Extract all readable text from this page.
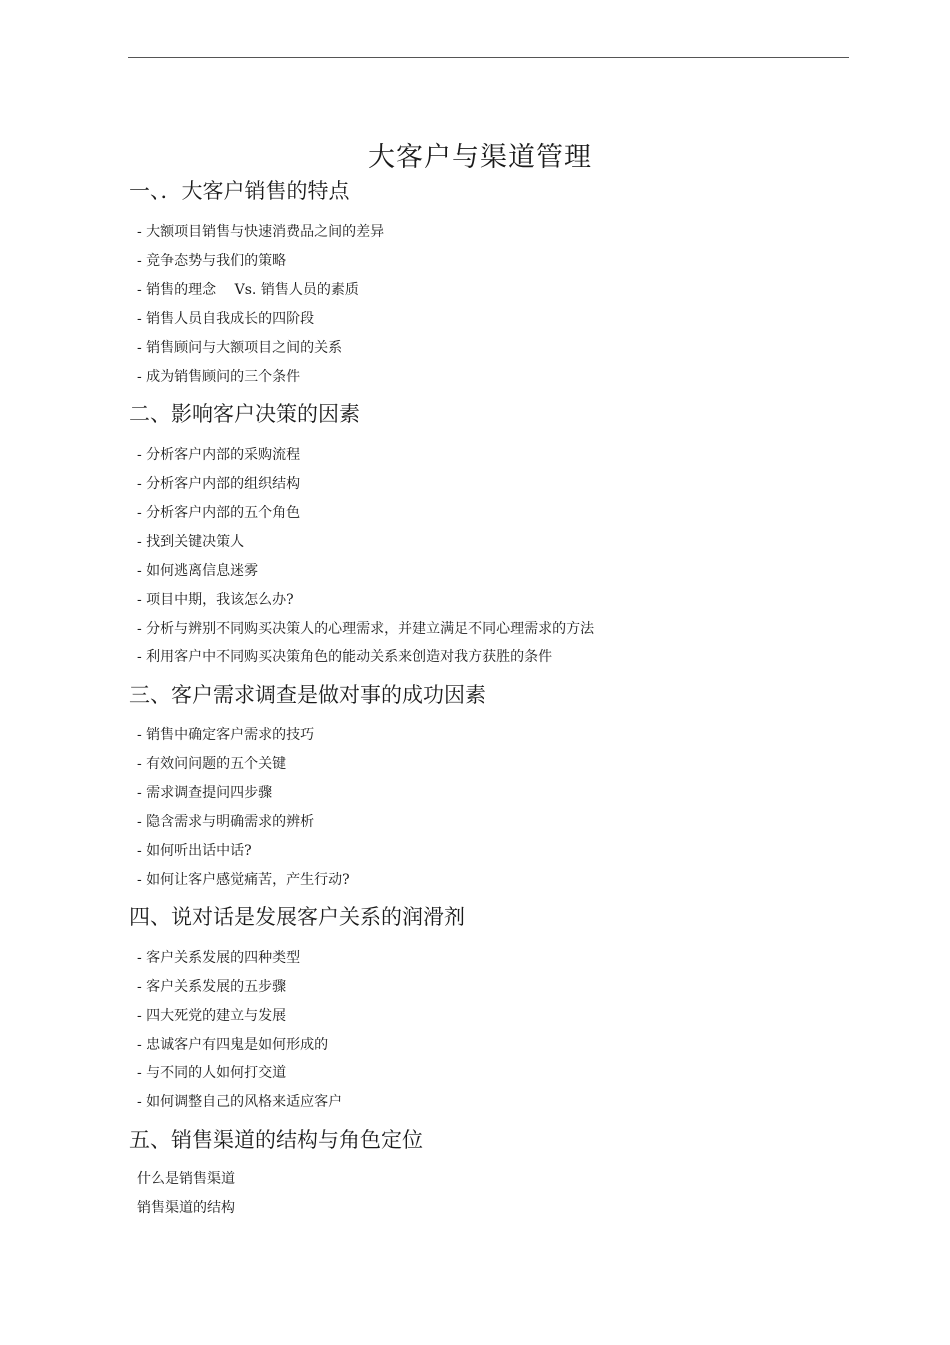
大客户与渠道管理
一、．大客户销售的特点
- 大额项目销售与快速消费品之间的差异
- 竞争态势与我们的策略
- 销售的理念 　Vs. 销售人员的素质
- 销售人员自我成长的四阶段
- 销售顾问与大额项目之间的关系
- 成为销售顾问的三个条件
二、影响客户决策的因素
- 分析客户内部的采购流程
- 分析客户内部的组织结构
- 分析客户内部的五个角色
- 找到关键决策人
- 如何逃离信息迷雾
- 项目中期，我该怎么办?
- 分析与辨别不同购买决策人的心理需求，并建立满足不同心理需求的方法
- 利用客户中不同购买决策角色的能动关系来创造对我方获胜的条件
三、客户需求调查是做对事的成功因素
- 销售中确定客户需求的技巧
- 有效问问题的五个关键
- 需求调查提问四步骤
- 隐含需求与明确需求的辨析
- 如何听出话中话?
- 如何让客户感觉痛苦，产生行动?
四、说对话是发展客户关系的润滑剂
- 客户关系发展的四种类型
- 客户关系发展的五步骤
- 四大死党的建立与发展
- 忠诚客户有四鬼是如何形成的
- 与不同的人如何打交道
- 如何调整自己的风格来适应客户
五、销售渠道的结构与角色定位
什么是销售渠道
销售渠道的结构
